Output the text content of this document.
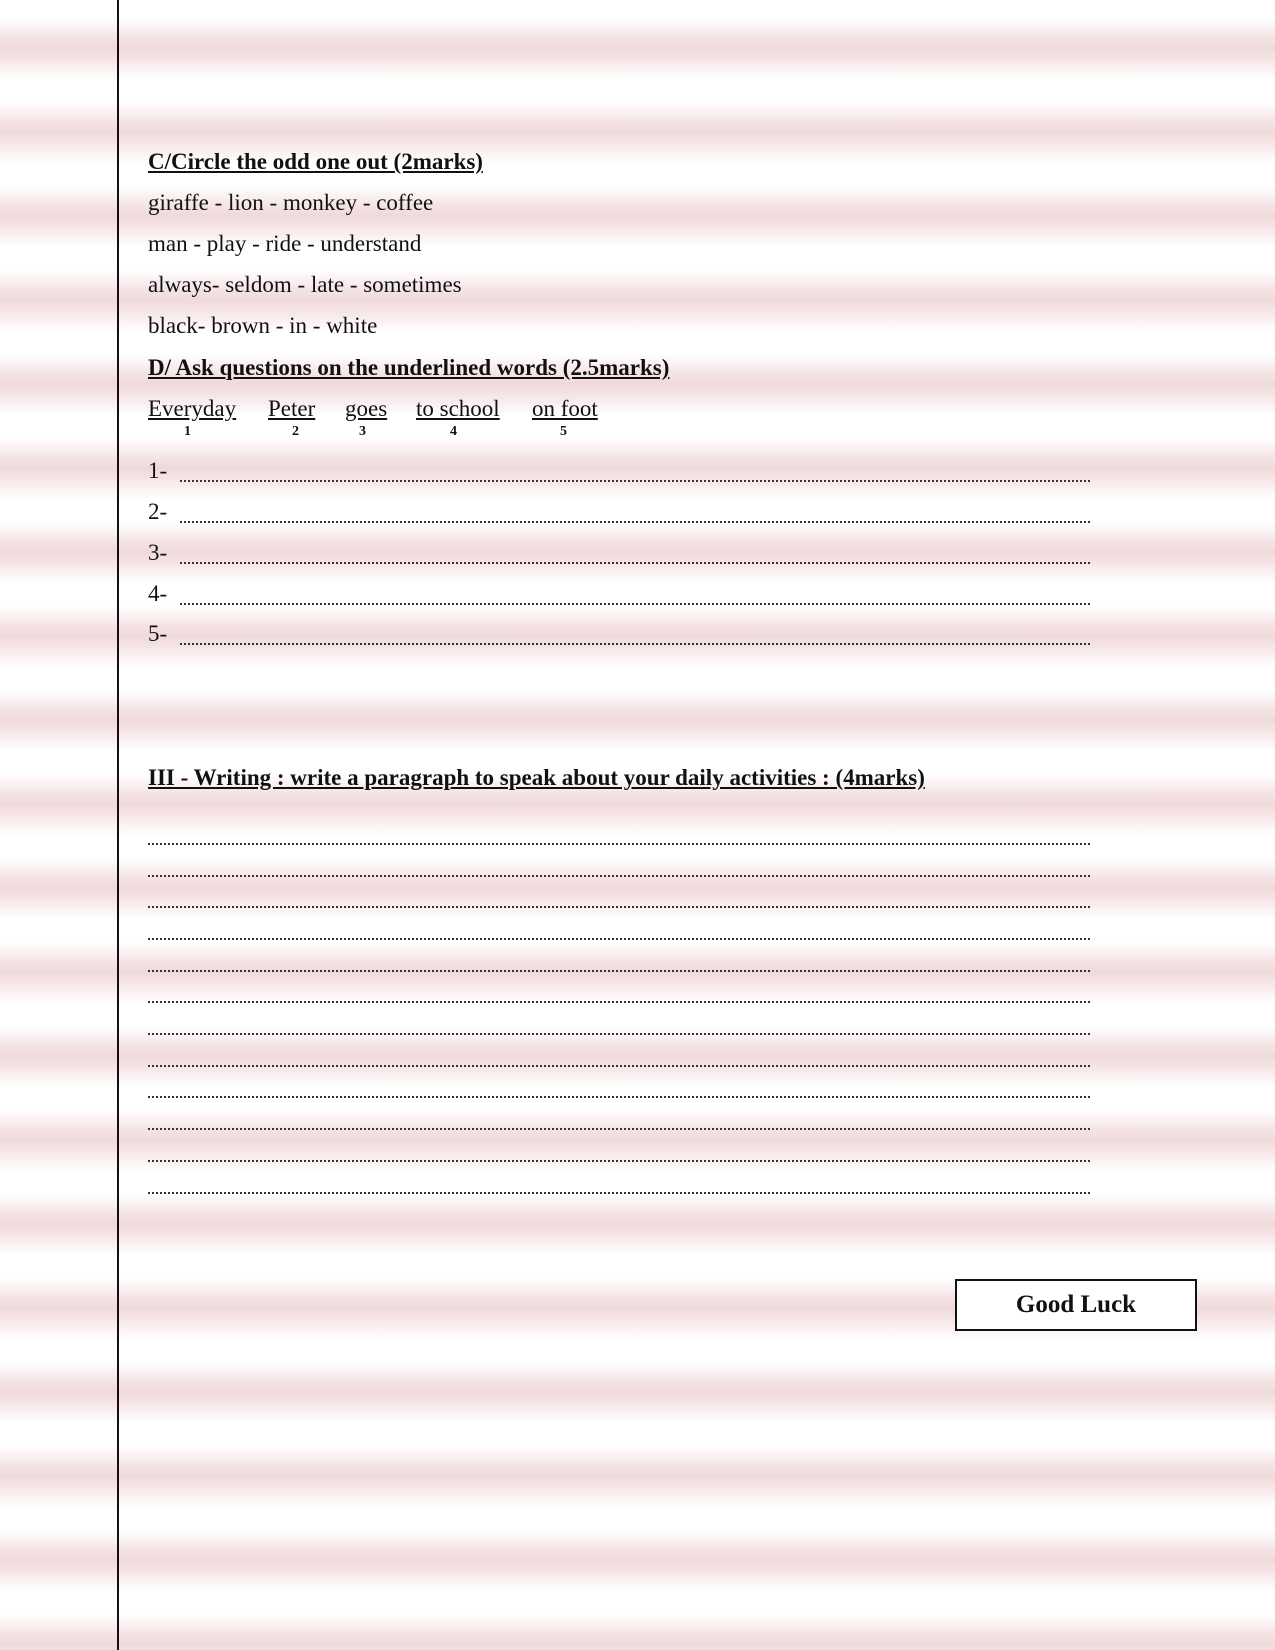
C/Circle the odd one out (2marks)
giraffe - lion - monkey - coffee
man - play - ride - understand
always- seldom - late - sometimes
black- brown - in - white
D/ Ask questions on the underlined words (2.5marks)
Everyday
1
Peter
2
goes
3
to school
4
on foot
5
1-
2-
3-
4-
5-
III - Writing : write a paragraph to speak about your daily activities : (4marks)
Good Luck
